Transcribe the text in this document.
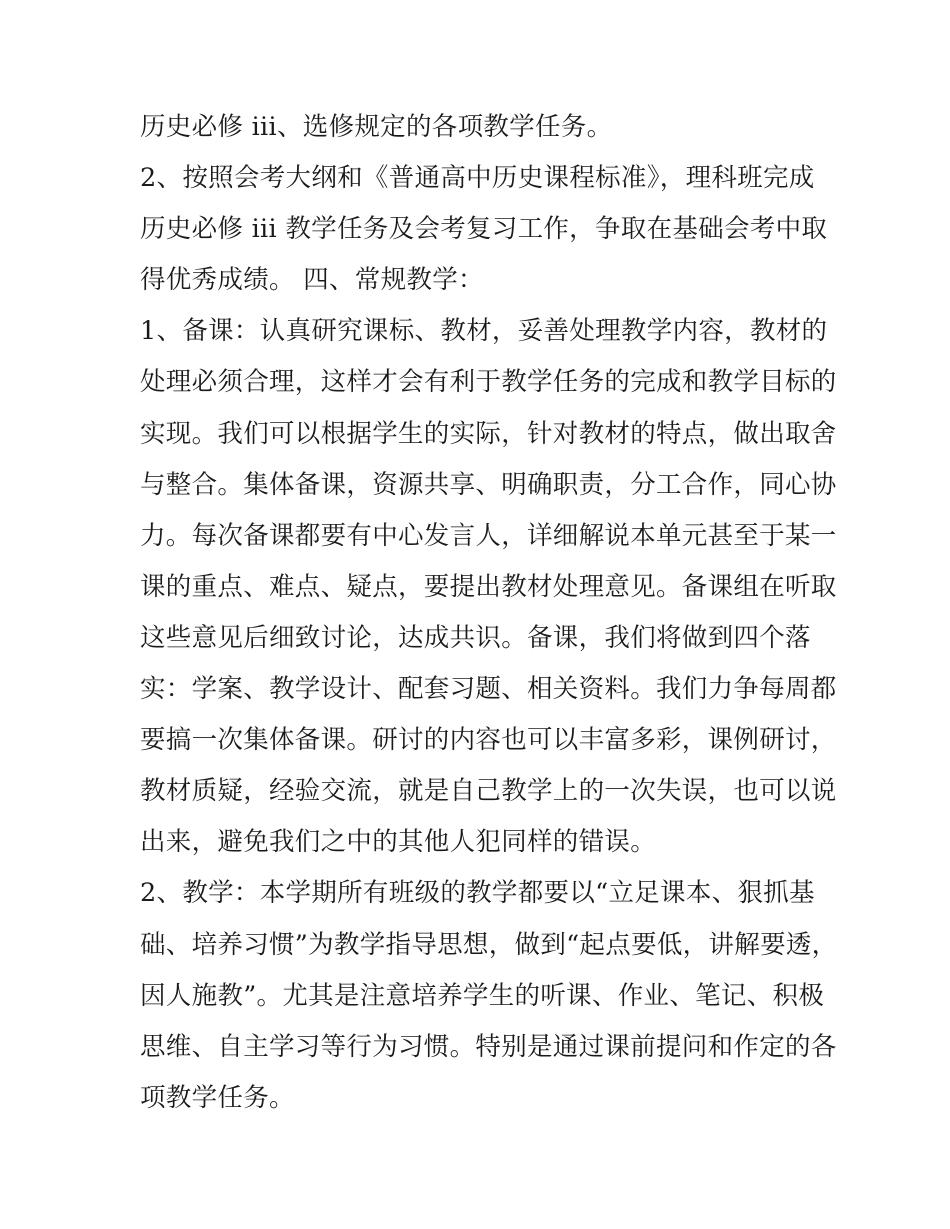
历史必修 iii、选修规定的各项教学任务。
2、按照会考大纲和《普通高中历史课程标准》，理科班完成
历史必修 iii 教学任务及会考复习工作，争取在基础会考中取
得优秀成绩。 四、常规教学：
1、备课：认真研究课标、教材，妥善处理教学内容，教材的
处理必须合理，这样才会有利于教学任务的完成和教学目标的
实现。我们可以根据学生的实际，针对教材的特点，做出取舍
与整合。集体备课，资源共享、明确职责，分工合作，同心协
力。每次备课都要有中心发言人，详细解说本单元甚至于某一
课的重点、难点、疑点，要提出教材处理意见。备课组在听取
这些意见后细致讨论，达成共识。备课，我们将做到四个落
实：学案、教学设计、配套习题、相关资料。我们力争每周都
要搞一次集体备课。研讨的内容也可以丰富多彩，课例研讨，
教材质疑，经验交流，就是自己教学上的一次失误，也可以说
出来，避免我们之中的其他人犯同样的错误。
2、教学：本学期所有班级的教学都要以“立足课本、狠抓基
础、培养习惯”为教学指导思想，做到“起点要低，讲解要透，
因人施教”。尤其是注意培养学生的听课、作业、笔记、积极
思维、自主学习等行为习惯。特别是通过课前提问和作定的各
项教学任务。
